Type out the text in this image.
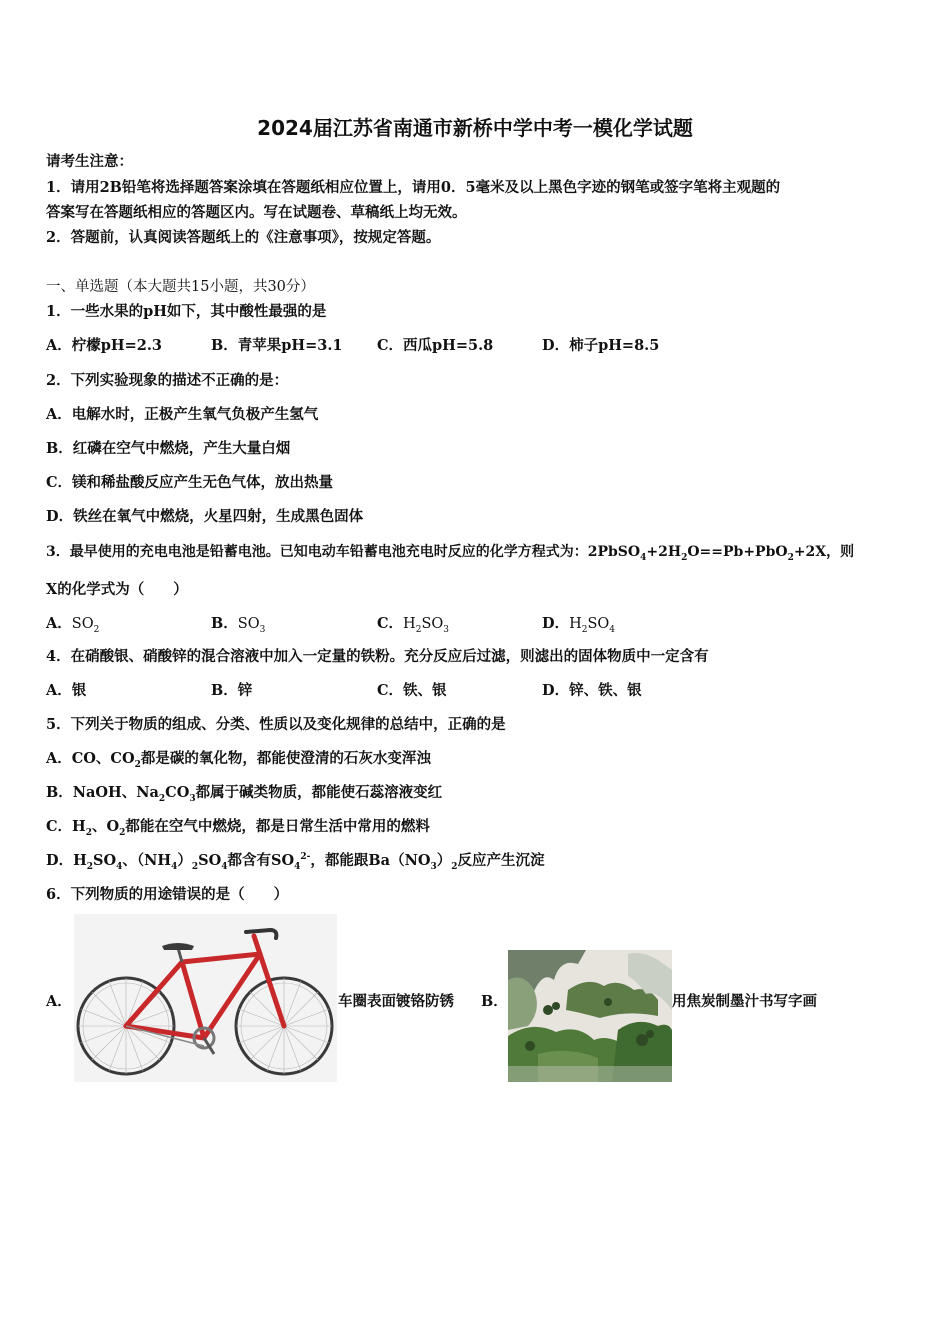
2024届江苏省南通市新桥中学中考一模化学试题
请考生注意：
1．请用2B铅笔将选择题答案涂填在答题纸相应位置上，请用0．5毫米及以上黑色字迹的钢笔或签字笔将主观题的
答案写在答题纸相应的答题区内。写在试题卷、草稿纸上均无效。
2．答题前，认真阅读答题纸上的《注意事项》，按规定答题。
一、单选题（本大题共15小题，共30分）
1．一些水果的pH如下，其中酸性最强的是
A．柠檬pH=2.3	B．青苹果pH=3.1 C．西瓜pH=5.8	D．柿子pH=8.5
2．下列实验现象的描述不正确的是：
A．电解水时，正极产生氧气负极产生氢气
B．红磷在空气中燃烧，产生大量白烟
C．镁和稀盐酸反应产生无色气体，放出热量
D．铁丝在氧气中燃烧，火星四射，生成黑色固体
3．最早使用的充电电池是铅蓄电池。已知电动车铅蓄电池充电时反应的化学方程式为：$2PbSO_4+2H_2O==Pb+PbO_2+2X$，则
X的化学式为（　　）
A．$SO_2$	B．$SO_3$	C．$H_2SO_3$	D．$H_2SO_4$
4．在硝酸银、硝酸锌的混合溶液中加入一定量的铁粉。充分反应后过滤，则滤出的固体物质中一定含有
A．银	B．锌	C．铁、银	D．锌、铁、银
5．下列关于物质的组成、分类、性质以及变化规律的总结中，正确的是
A．CO、$CO_2$都是碳的氧化物，都能使澄清的石灰水变浑浊
B．NaOH、$Na_2CO_3$都属于碱类物质，都能使石蕊溶液变红
C．$H_2$、$O_2$都能在空气中燃烧，都是日常生活中常用的燃料
D．$H_2SO_4$、$(NH_4)_2SO_4$都含有$SO_4^{2-}$，都能跟$Ba(NO_3)_2$反应产生沉淀
6．下列物质的用途错误的是（　　）
A．	车圈表面镀铬防锈 B．	用焦炭制墨汁书写字画
